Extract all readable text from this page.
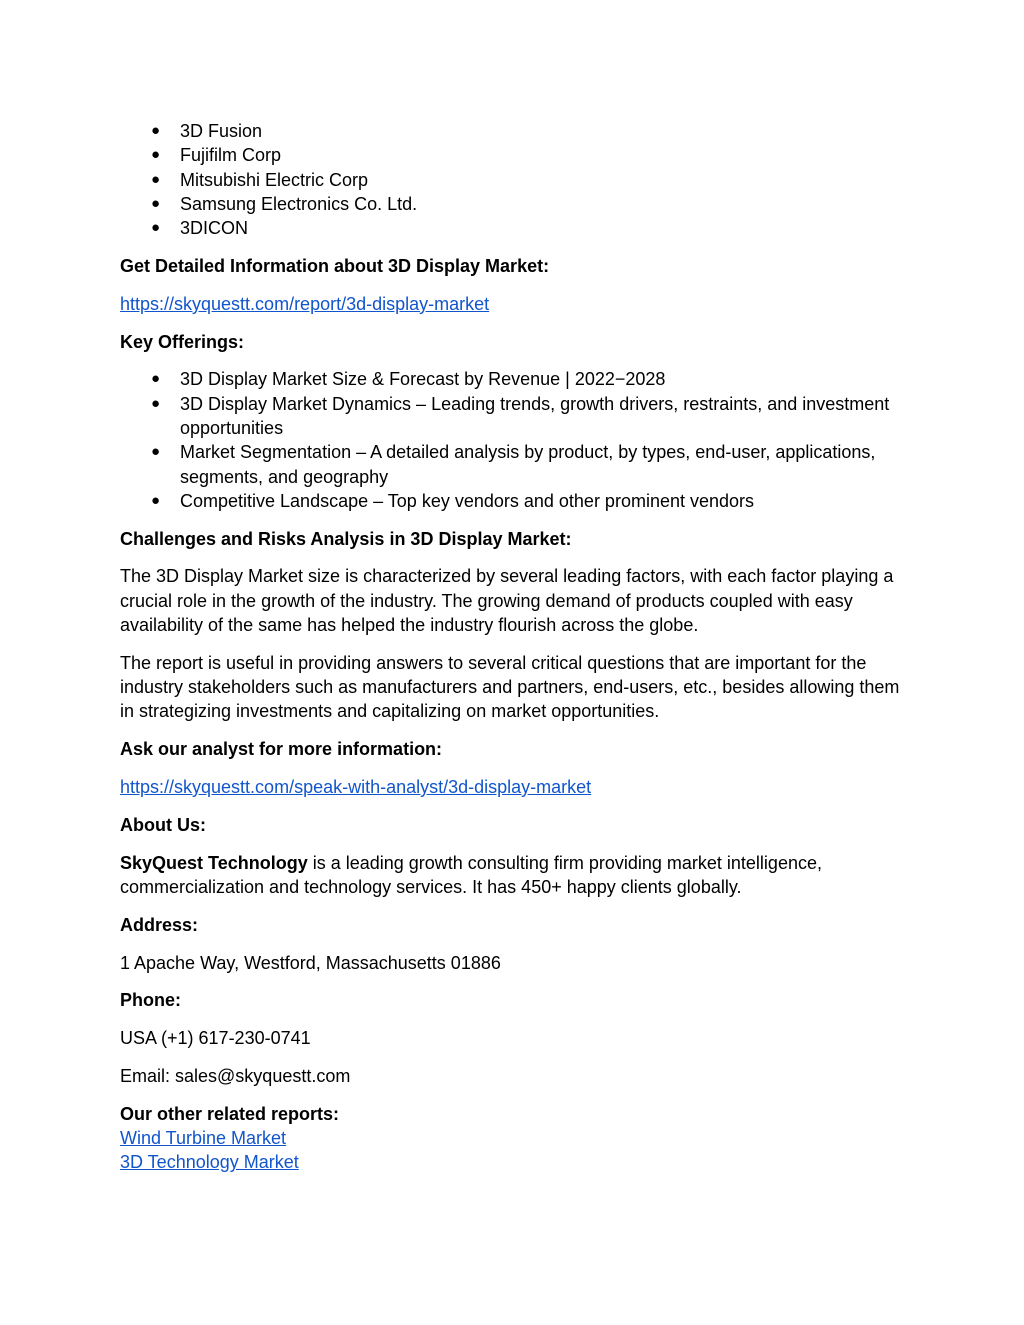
● 3D Fusion
● Fujifilm Corp
● Mitsubishi Electric Corp
● Samsung Electronics Co. Ltd.
● 3DICON

Get Detailed Information about 3D Display Market:

https://skyquestt.com/report/3d-display-market

Key Offerings:

● 3D Display Market Size & Forecast by Revenue | 2022−2028
● 3D Display Market Dynamics – Leading trends, growth drivers, restraints, and investment opportunities
● Market Segmentation – A detailed analysis by product, by types, end-user, applications, segments, and geography
● Competitive Landscape – Top key vendors and other prominent vendors

Challenges and Risks Analysis in 3D Display Market:

The 3D Display Market size is characterized by several leading factors, with each factor playing a crucial role in the growth of the industry. The growing demand of products coupled with easy availability of the same has helped the industry flourish across the globe.

The report is useful in providing answers to several critical questions that are important for the industry stakeholders such as manufacturers and partners, end-users, etc., besides allowing them in strategizing investments and capitalizing on market opportunities.

Ask our analyst for more information:

https://skyquestt.com/speak-with-analyst/3d-display-market

About Us:

SkyQuest Technology is a leading growth consulting firm providing market intelligence, commercialization and technology services. It has 450+ happy clients globally.

Address:

1 Apache Way, Westford, Massachusetts 01886

Phone:

USA (+1) 617-230-0741

Email: sales@skyquestt.com

Our other related reports:

Wind Turbine Market
3D Technology Market
